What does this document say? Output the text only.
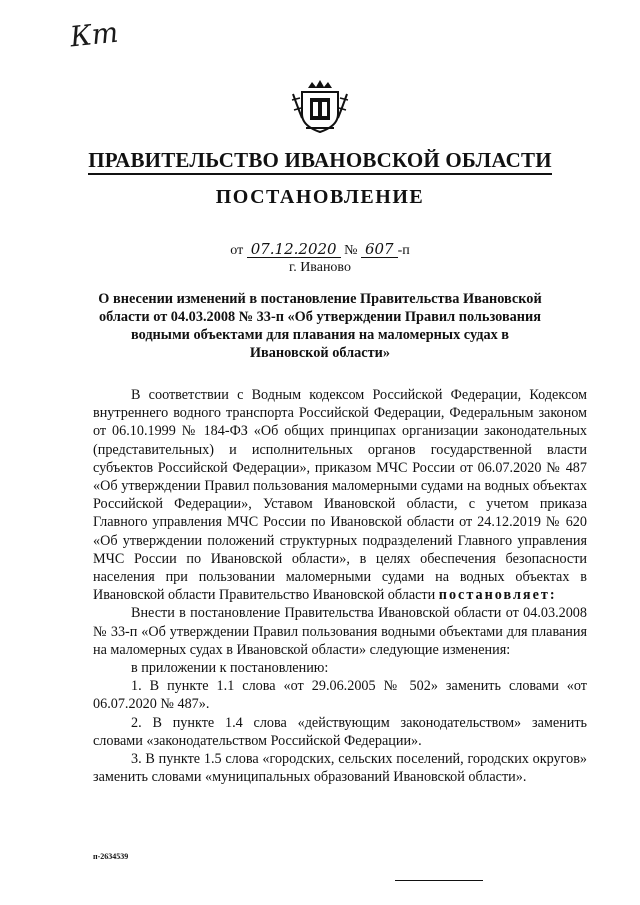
Кт
ПРАВИТЕЛЬСТВО ИВАНОВСКОЙ ОБЛАСТИ
ПОСТАНОВЛЕНИЕ
от 07.12.2020 № 607 -п
г. Иваново
О внесении изменений в постановление Правительства Ивановской области от 04.03.2008 № 33-п «Об утверждении Правил пользования водными объектами для плавания на маломерных судах в Ивановской области»

В соответствии с Водным кодексом Российской Федерации, Кодексом внутреннего водного транспорта Российской Федерации, Федеральным законом от 06.10.1999 № 184-ФЗ «Об общих принципах организации законодательных (представительных) и исполнительных органов государственной власти субъектов Российской Федерации», приказом МЧС России от 06.07.2020 № 487 «Об утверждении Правил пользования маломерными судами на водных объектах Российской Федерации», Уставом Ивановской области, с учетом приказа Главного управления МЧС России по Ивановской области от 24.12.2019 № 620 «Об утверждении положений структурных подразделений Главного управления МЧС России по Ивановской области», в целях обеспечения безопасности населения при пользовании маломерными судами на водных объектах в Ивановской области Правительство Ивановской области постановляет:

Внести в постановление Правительства Ивановской области от 04.03.2008 № 33-п «Об утверждении Правил пользования водными объектами для плавания на маломерных судах в Ивановской области» следующие изменения:

в приложении к постановлению:

1. В пункте 1.1 слова «от 29.06.2005 № 502» заменить словами «от 06.07.2020 № 487».

2. В пункте 1.4 слова «действующим законодательством» заменить словами «законодательством Российской Федерации».

3. В пункте 1.5 слова «городских, сельских поселений, городских округов» заменить словами «муниципальных образований Ивановской области».

п-2634539
